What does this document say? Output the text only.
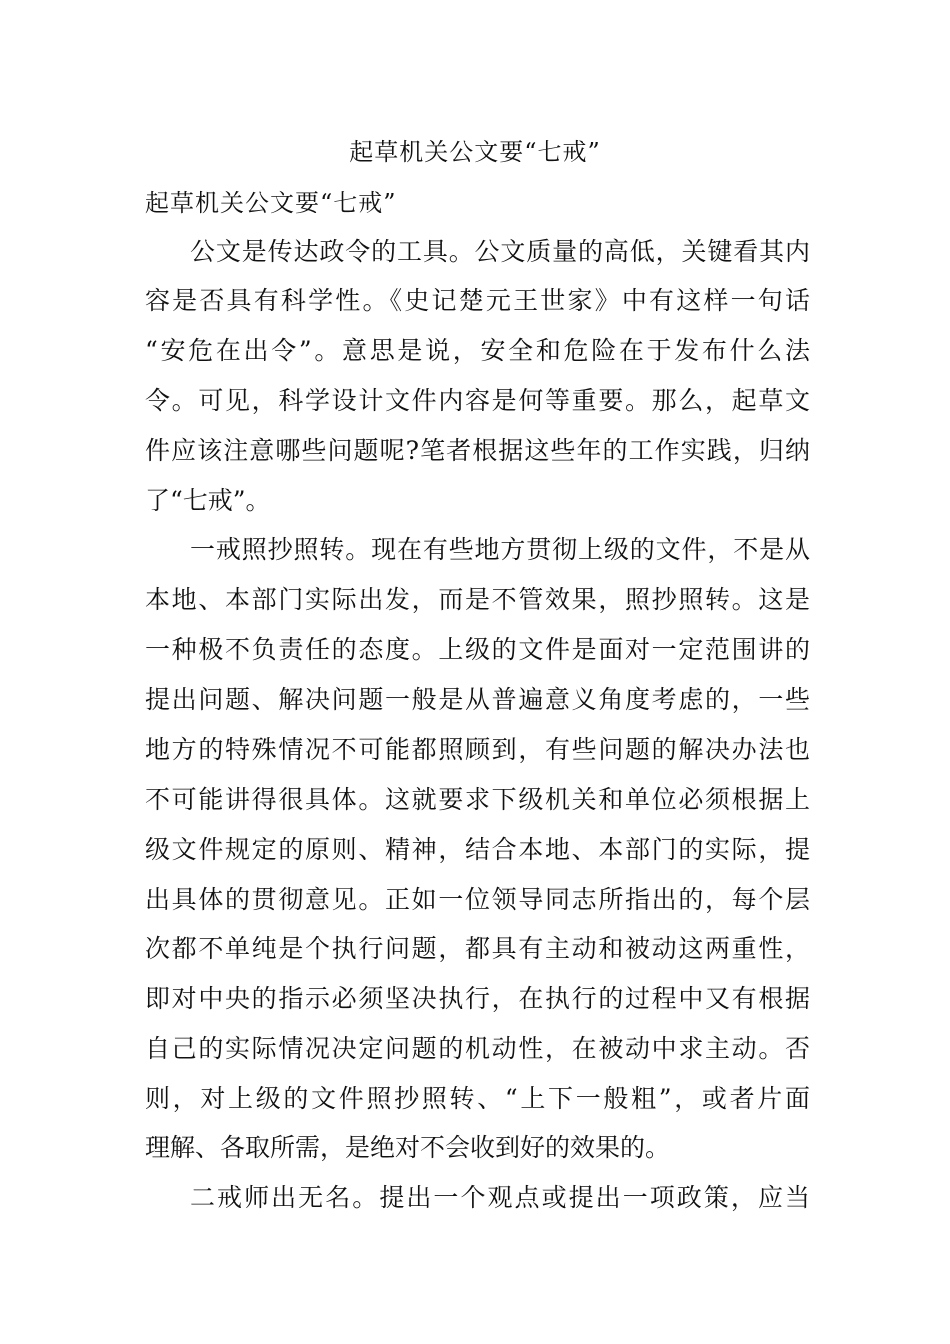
起草机关公文要“七戒”
起草机关公文要“七戒”
公文是传达政令的工具。公文质量的高低，关键看其内
容是否具有科学性。《史记楚元王世家》中有这样一句话
“安危在出令”。意思是说，安全和危险在于发布什么法
令。可见，科学设计文件内容是何等重要。那么，起草文
件应该注意哪些问题呢?笔者根据这些年的工作实践，归纳
了“七戒”。
一戒照抄照转。现在有些地方贯彻上级的文件，不是从
本地、本部门实际出发，而是不管效果，照抄照转。这是
一种极不负责任的态度。上级的文件是面对一定范围讲的
提出问题、解决问题一般是从普遍意义角度考虑的，一些
地方的特殊情况不可能都照顾到，有些问题的解决办法也
不可能讲得很具体。这就要求下级机关和单位必须根据上
级文件规定的原则、精神，结合本地、本部门的实际，提
出具体的贯彻意见。正如一位领导同志所指出的，每个层
次都不单纯是个执行问题，都具有主动和被动这两重性，
即对中央的指示必须坚决执行，在执行的过程中又有根据
自己的实际情况决定问题的机动性，在被动中求主动。否
则，对上级的文件照抄照转、“上下一般粗”，或者片面
理解、各取所需，是绝对不会收到好的效果的。
二戒师出无名。提出一个观点或提出一项政策，应当
